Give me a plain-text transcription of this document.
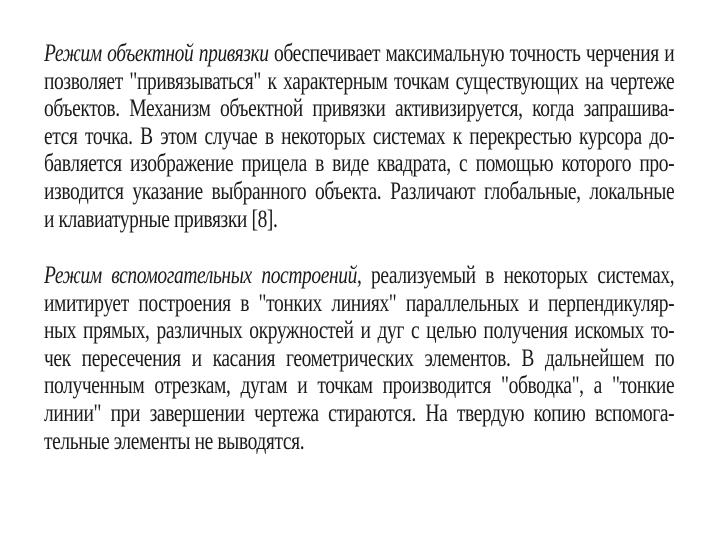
Режим объектной привязки обеспечивает максимальную точность черчения и
позволяет "привязываться" к характерным точкам существующих на чертеже
объектов. Механизм объектной привязки активизируется, когда запрашива-
ется точка. В этом случае в некоторых системах к перекрестью курсора до-
бавляется изображение прицела в виде квадрата, с помощью которого про-
изводится указание выбранного объекта. Различают глобальные, локальные
и клавиатурные привязки [8].

Режим вспомогательных построений, реализуемый в некоторых системах,
имитирует построения в "тонких линиях" параллельных и перпендикуляр-
ных прямых, различных окружностей и дуг с целью получения искомых то-
чек пересечения и касания геометрических элементов. В дальнейшем по
полученным отрезкам, дугам и точкам производится "обводка", а "тонкие
линии" при завершении чертежа стираются. На твердую копию вспомога-
тельные элементы не выводятся.
